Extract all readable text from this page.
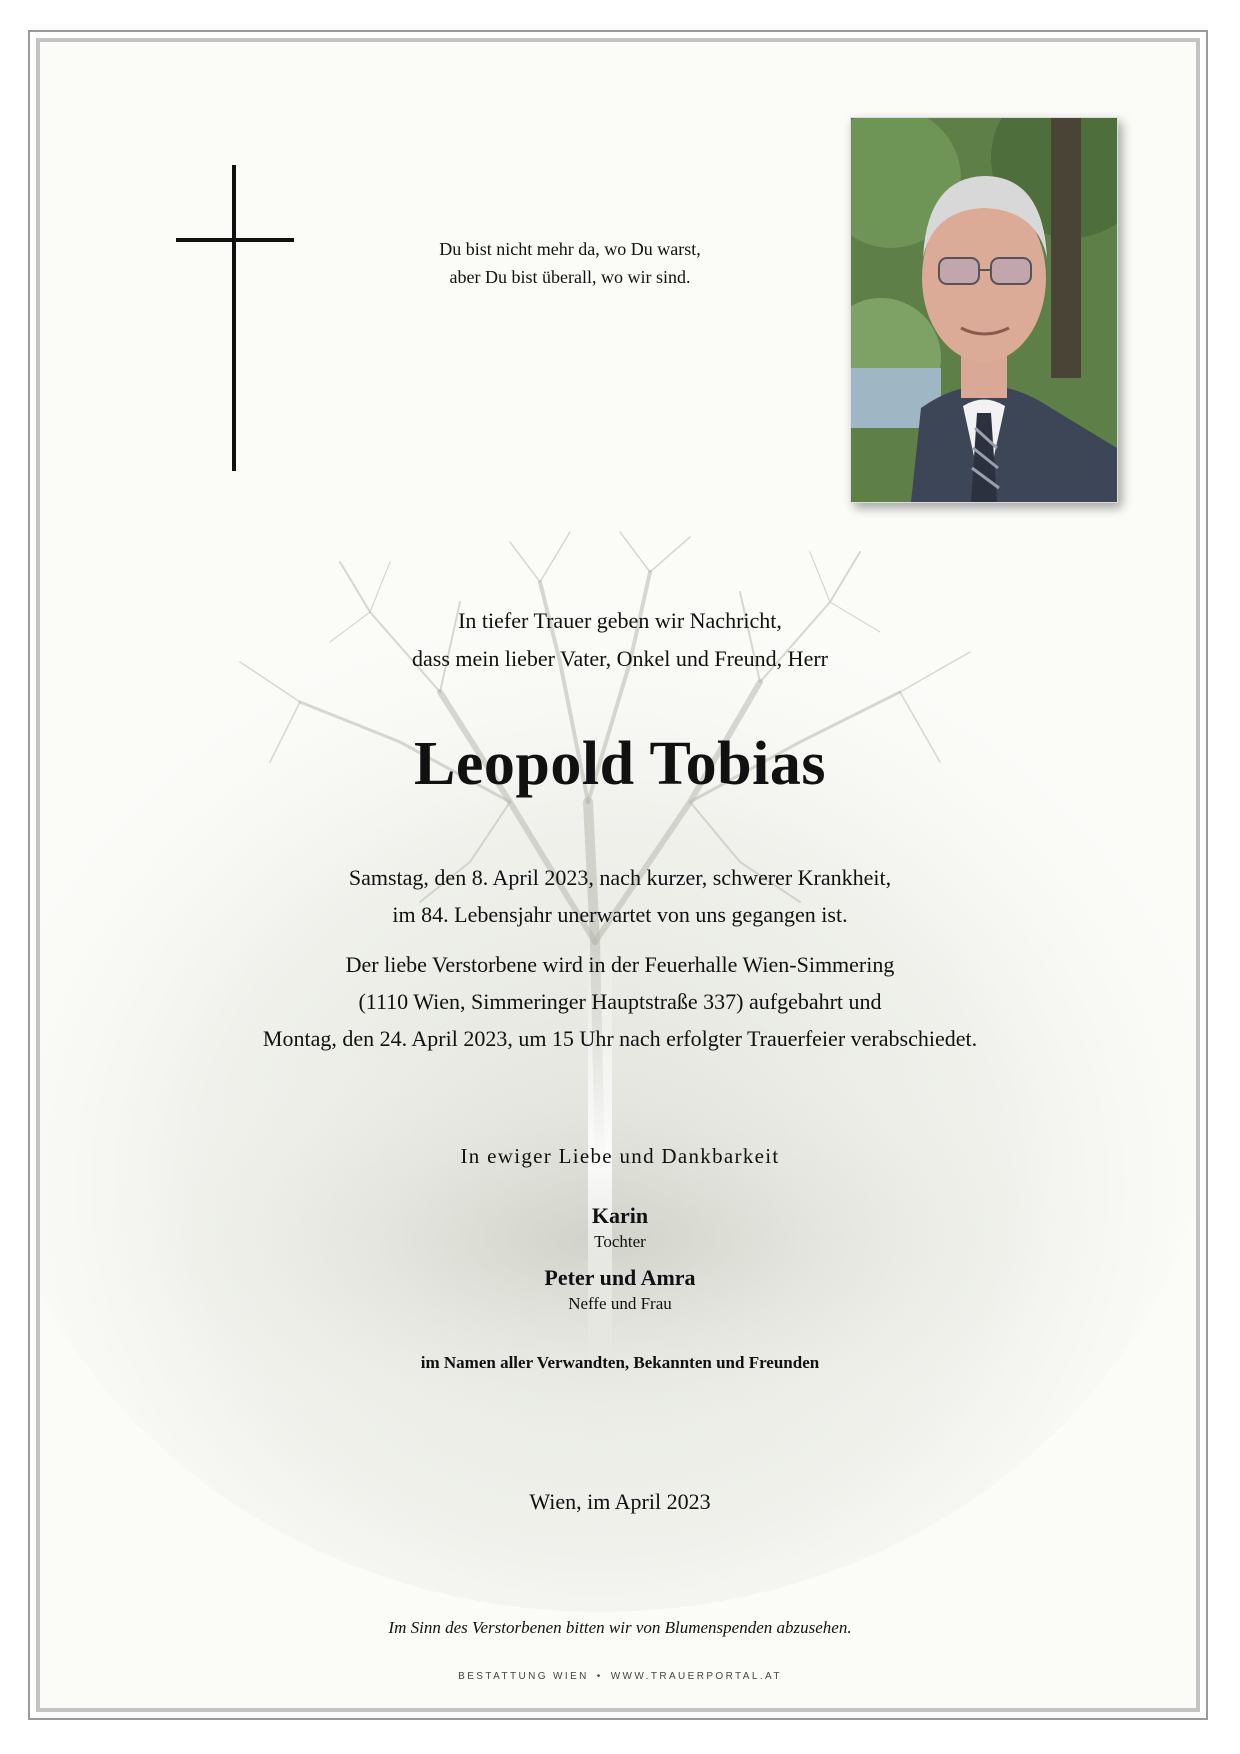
Du bist nicht mehr da, wo Du warst,
aber Du bist überall, wo wir sind.
In tiefer Trauer geben wir Nachricht,
dass mein lieber Vater, Onkel und Freund, Herr
Leopold Tobias
Samstag, den 8. April 2023, nach kurzer, schwerer Krankheit,
im 84. Lebensjahr unerwartet von uns gegangen ist.
Der liebe Verstorbene wird in der Feuerhalle Wien-Simmering
(1110 Wien, Simmeringer Hauptstraße 337) aufgebahrt und
Montag, den 24. April 2023, um 15 Uhr nach erfolgter Trauerfeier verabschiedet.
In ewiger Liebe und Dankbarkeit
Karin
Tochter
Peter und Amra
Neffe und Frau
im Namen aller Verwandten, Bekannten und Freunden
Wien, im April 2023
Im Sinn des Verstorbenen bitten wir von Blumenspenden abzusehen.
BESTATTUNG WIEN • WWW.TRAUERPORTAL.AT
